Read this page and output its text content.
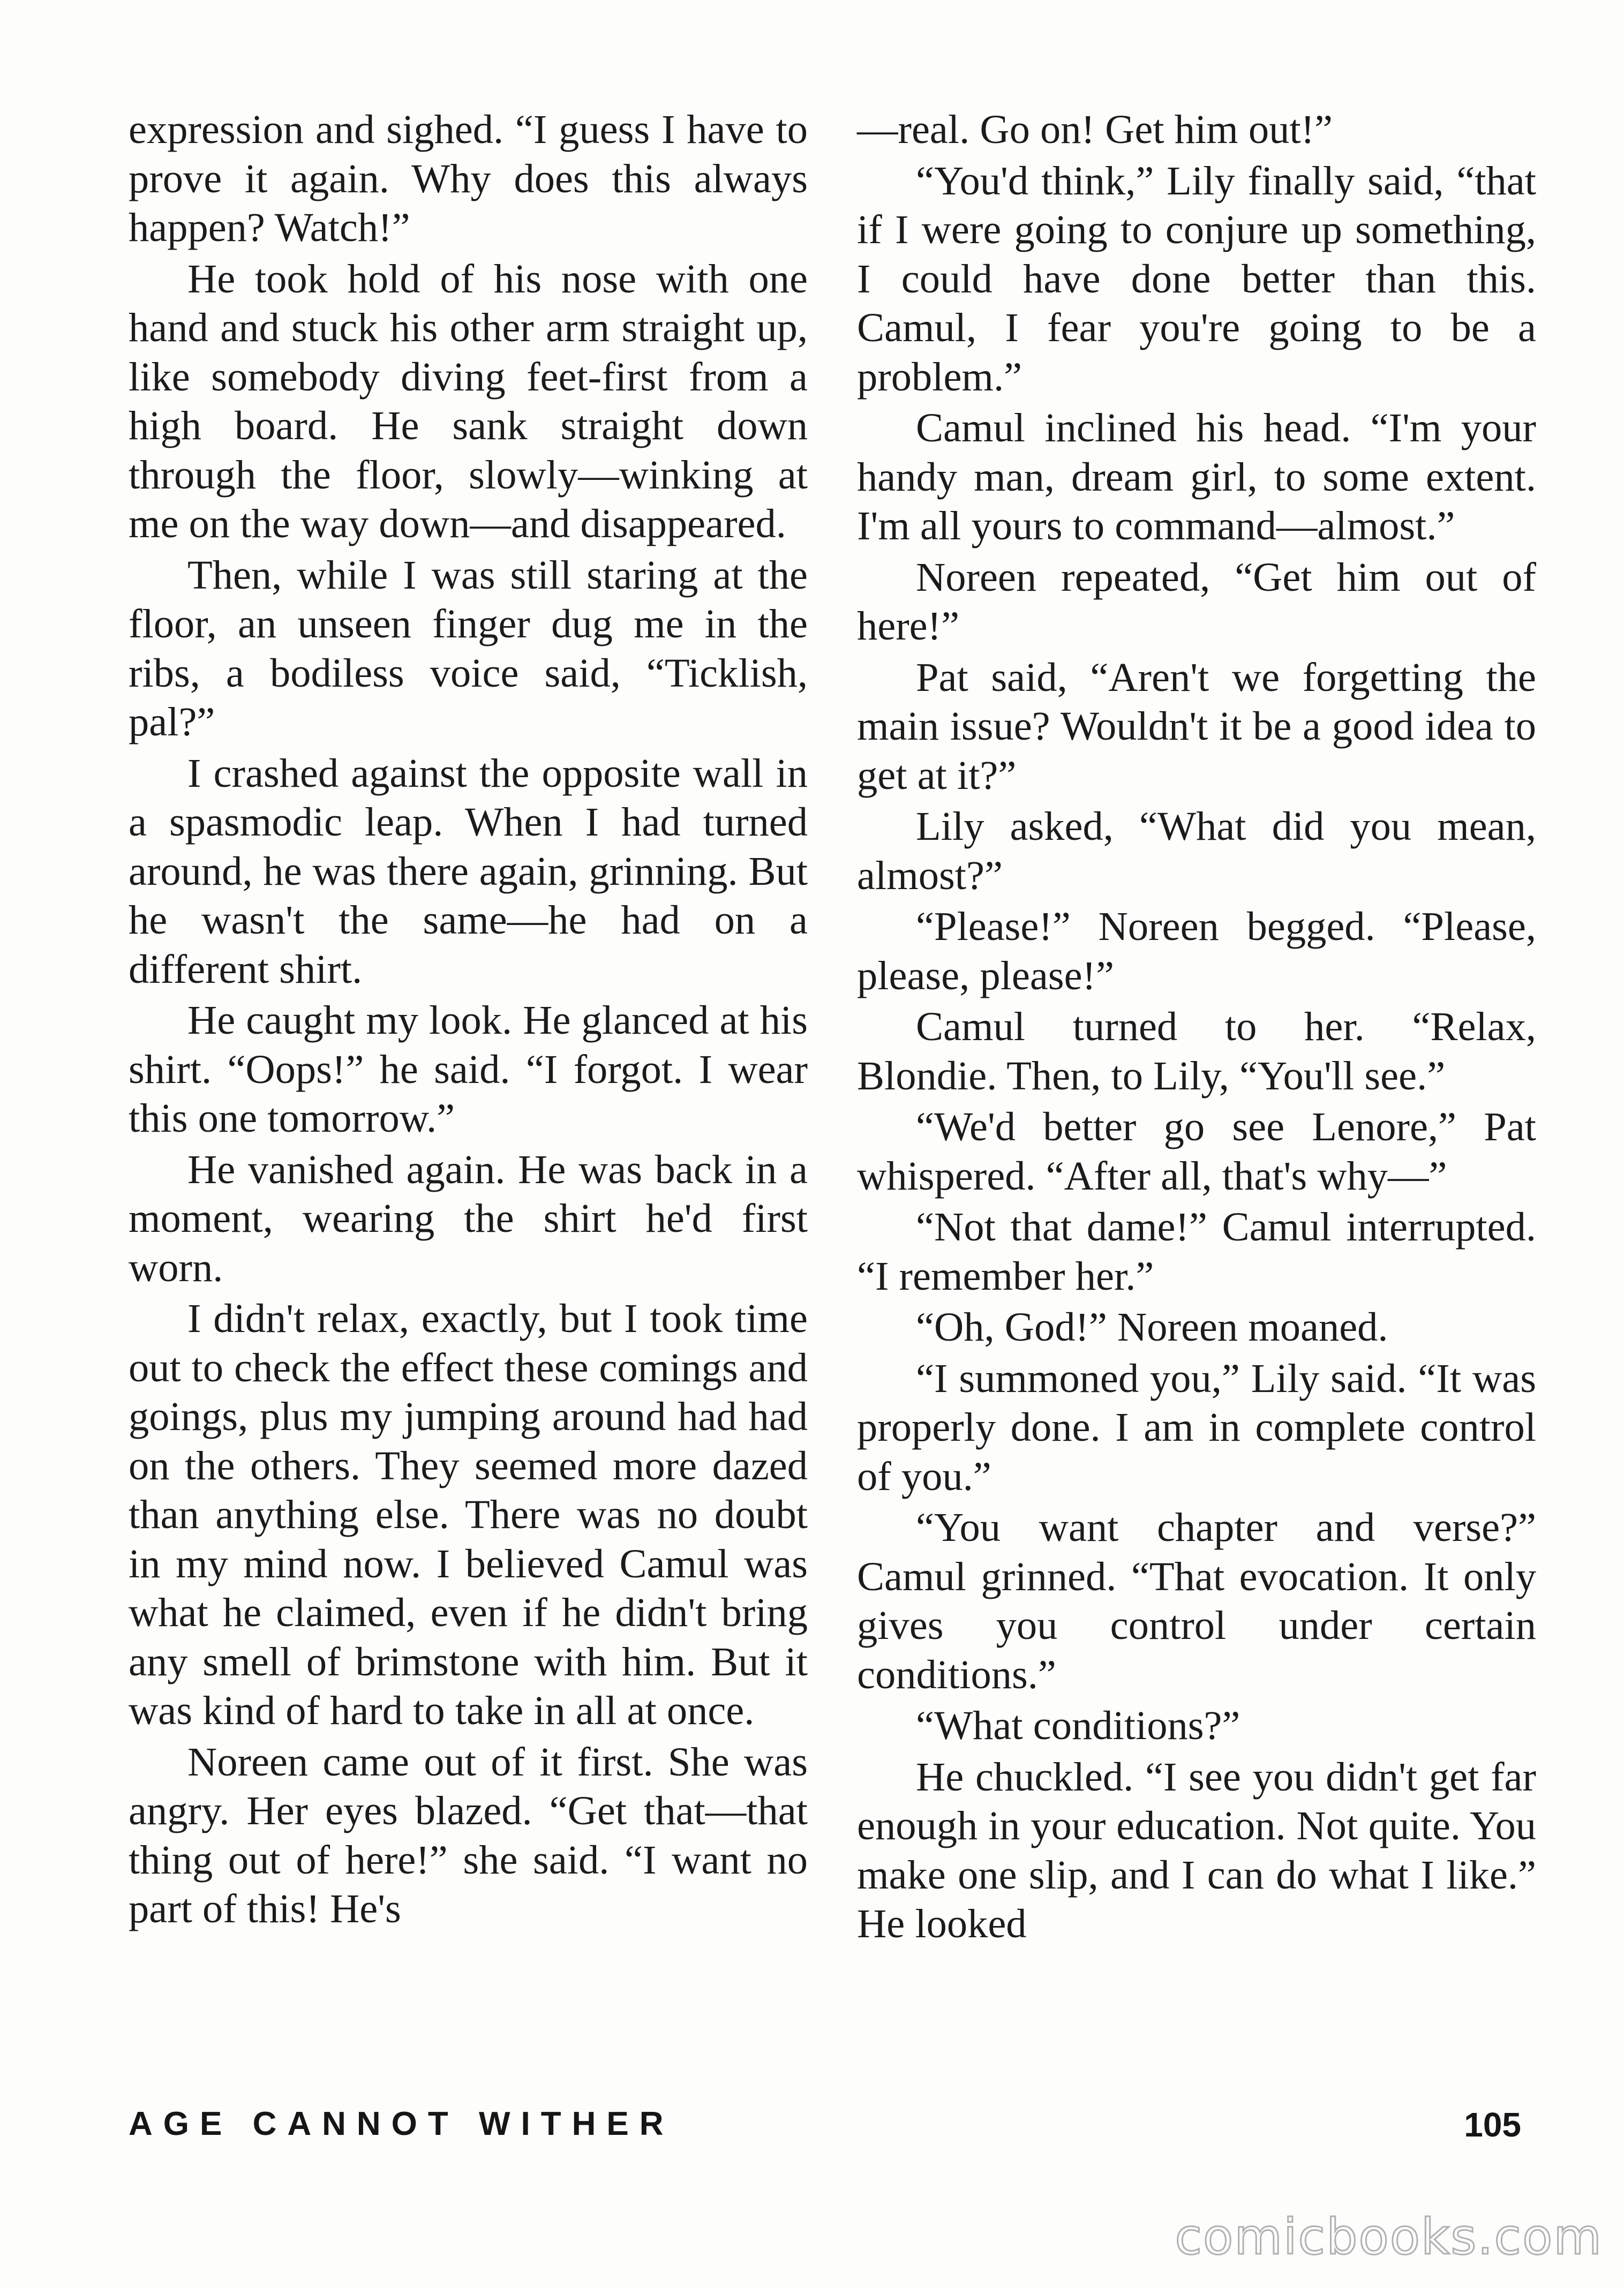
expression and sighed. “I guess I have to prove it again. Why does this always happen? Watch!”

He took hold of his nose with one hand and stuck his other arm straight up, like somebody diving feet-first from a high board. He sank straight down through the floor, slowly—winking at me on the way down—and disappeared.

Then, while I was still staring at the floor, an unseen finger dug me in the ribs, a bodiless voice said, “Ticklish, pal?”

I crashed against the opposite wall in a spasmodic leap. When I had turned around, he was there again, grinning. But he wasn't the same—he had on a different shirt.

He caught my look. He glanced at his shirt. “Oops!” he said. “I forgot. I wear this one tomorrow.”

He vanished again. He was back in a moment, wearing the shirt he'd first worn.

I didn't relax, exactly, but I took time out to check the effect these comings and goings, plus my jumping around had had on the others. They seemed more dazed than anything else. There was no doubt in my mind now. I believed Camul was what he claimed, even if he didn't bring any smell of brimstone with him. But it was kind of hard to take in all at once.

Noreen came out of it first. She was angry. Her eyes blazed. “Get that—that thing out of here!” she said. “I want no part of this! He's

—real. Go on! Get him out!”

“You'd think,” Lily finally said, “that if I were going to conjure up something, I could have done better than this. Camul, I fear you're going to be a problem.”

Camul inclined his head. “I'm your handy man, dream girl, to some extent. I'm all yours to command—almost.”

Noreen repeated, “Get him out of here!”

Pat said, “Aren't we forgetting the main issue? Wouldn't it be a good idea to get at it?”

Lily asked, “What did you mean, almost?”

“Please!” Noreen begged. “Please, please, please!”

Camul turned to her. “Relax, Blondie. Then, to Lily, “You'll see.”

“We'd better go see Lenore,” Pat whispered. “After all, that's why—”

“Not that dame!” Camul interrupted. “I remember her.”

“Oh, God!” Noreen moaned.

“I summoned you,” Lily said. “It was properly done. I am in complete control of you.”

“You want chapter and verse?” Camul grinned. “That evocation. It only gives you control under certain conditions.”

“What conditions?”

He chuckled. “I see you didn't get far enough in your education. Not quite. You make one slip, and I can do what I like.” He looked

AGE CANNOT WITHER	105
comicbooks.com
